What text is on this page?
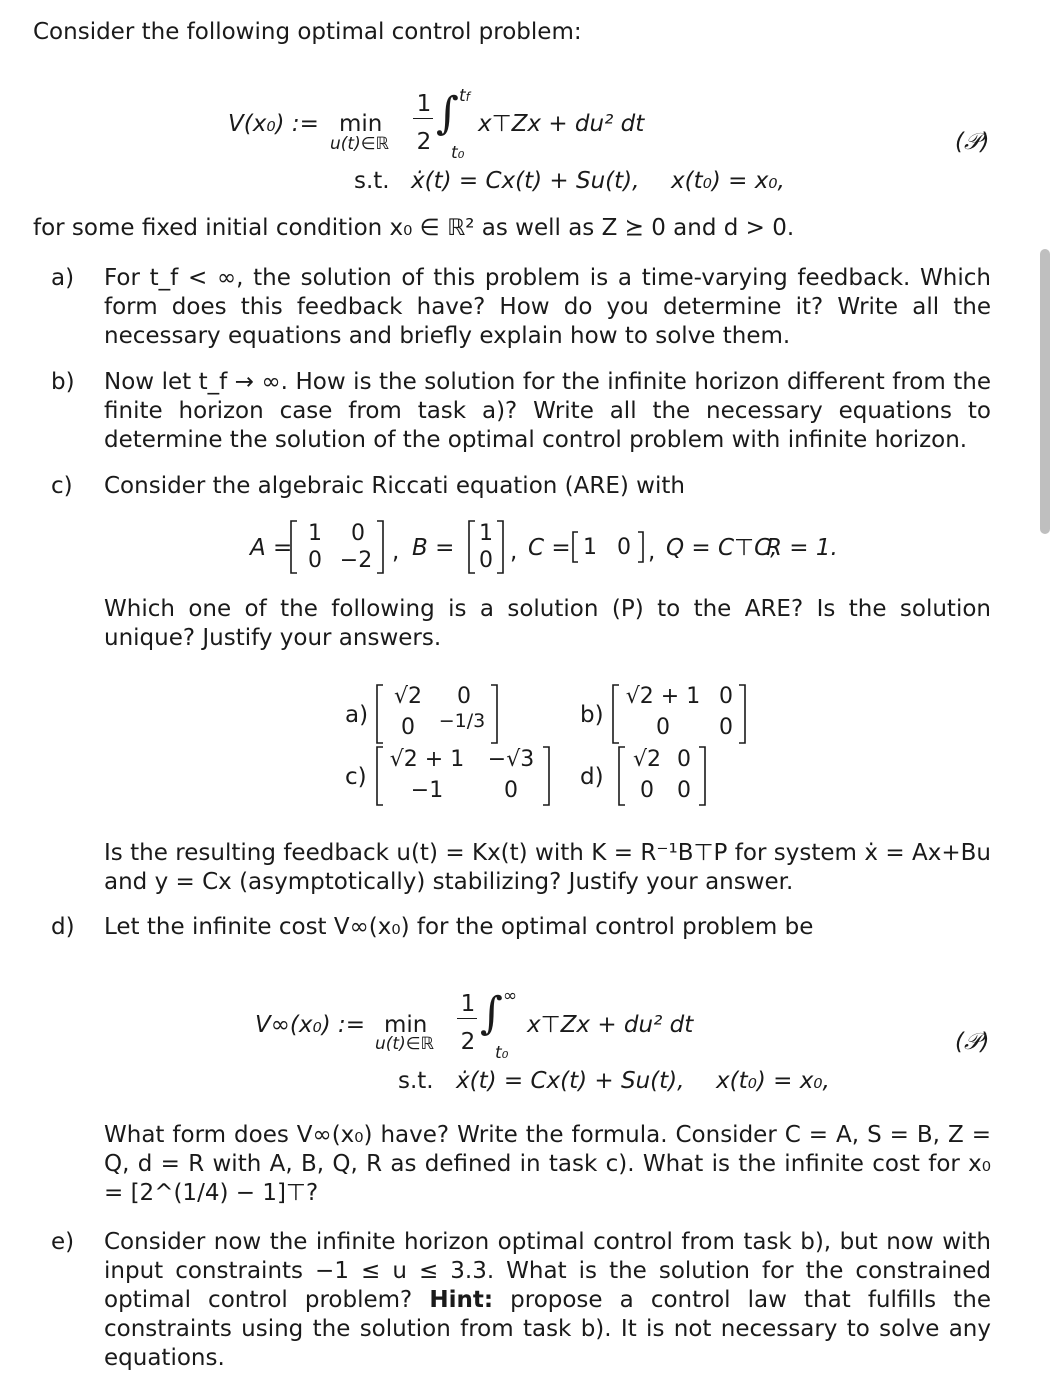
Consider the following optimal control problem:
V(x₀) := min
u(t)∈ℝ
1
2
∫ tf
t₀
x⊤Zx + du² dt
s.t. ẋ(t) = Cx(t) + Su(t), x(t₀) = x₀,
(𝒫)
for some fixed initial condition x₀ ∈ ℝ² as well as Z ⪰ 0 and d > 0.
a) For t_f < ∞, the solution of this problem is a time-varying feedback. Which form does this feedback have? How do you determine it? Write all the necessary equations and briefly explain how to solve them.
b) Now let t_f → ∞. How is the solution for the infinite horizon different from the finite horizon case from task a)? Write all the necessary equations to determine the solution of the optimal control problem with infinite horizon.
c) Consider the algebraic Riccati equation (ARE) with
A =
1	0
0 −2 , B =
1
0 , C = 1 0 , Q = C⊤C,
R = 1.
Which one of the following is a solution (P) to the ARE? Is the solution unique? Justify your answers.
a)
√2	0
0	−1/3	b)
√2 + 1 0
0	0
c)
√2 + 1 −√3
−1	0
d)
√2 0
0	0
Is the resulting feedback u(t) = Kx(t) with K = R⁻¹B⊤P for system ẋ = Ax+Bu and y = Cx (asymptotically) stabilizing? Justify your answer.
d) Let the infinite cost V∞(x₀) for the optimal control problem be
V∞(x₀) := min
u(t)∈ℝ
1
2
∫ ∞
t₀
x⊤Zx + du² dt
s.t. ẋ(t) = Cx(t) + Su(t), x(t₀) = x₀,
(𝒫)
What form does V∞(x₀) have? Write the formula. Consider C = A, S = B, Z = Q, d = R with A, B, Q, R as defined in task c). What is the infinite cost for x₀ = [2^(1/4) − 1]⊤?
e) Consider now the infinite horizon optimal control from task b), but now with input constraints −1 ≤ u ≤ 3.3. What is the solution for the constrained optimal control problem? Hint: propose a control law that fulfills the constraints using the solution from task b). It is not necessary to solve any equations.
